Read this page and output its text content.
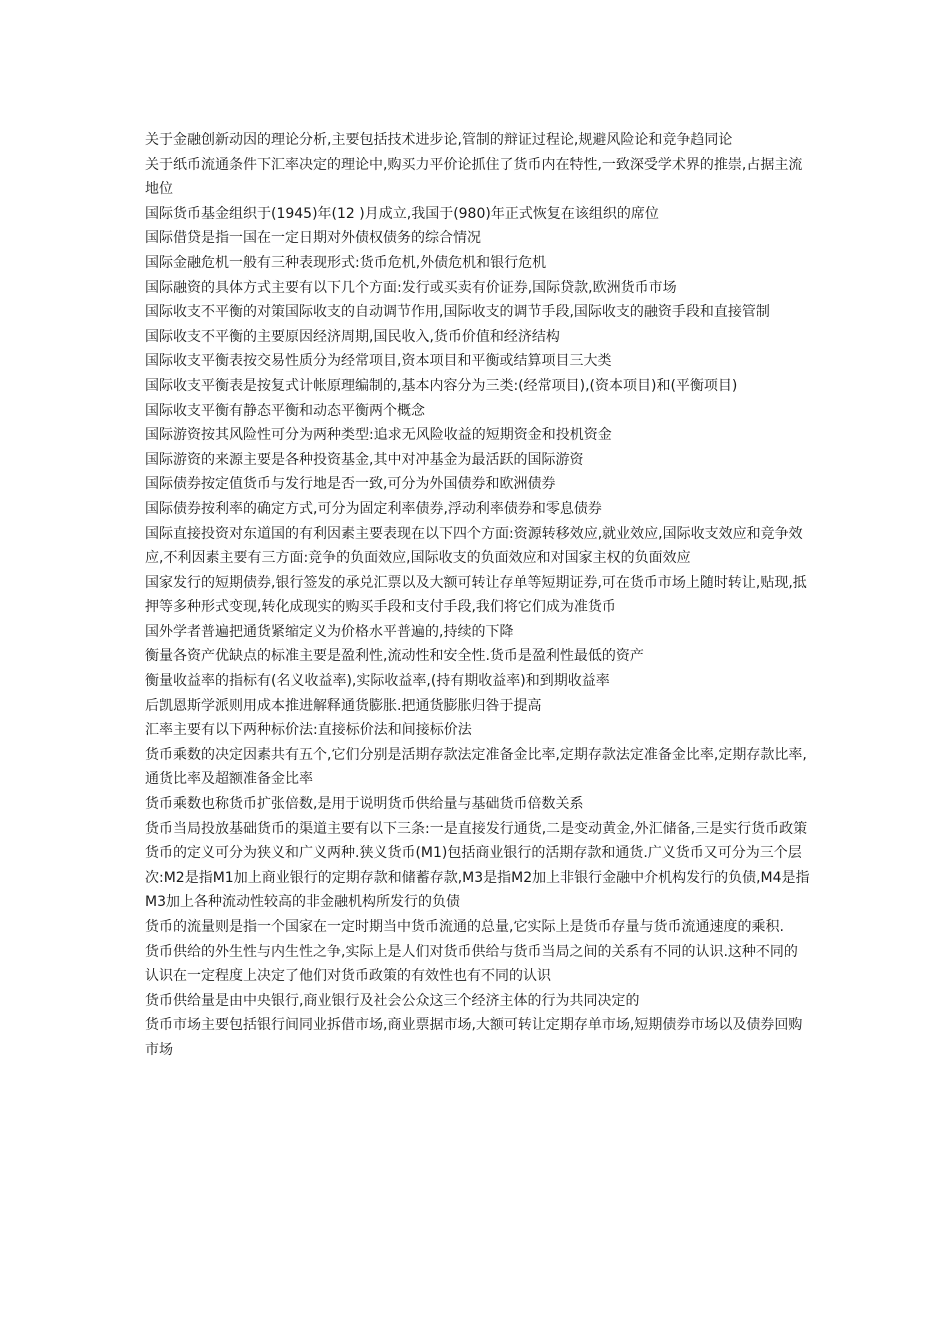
关于金融创新动因的理论分析,主要包括技术进步论,管制的辩证过程论,规避风险论和竞争趋同论

关于纸币流通条件下汇率决定的理论中,购买力平价论抓住了货币内在特性,一致深受学术界的推崇,占据主流地位

国际货币基金组织于(1945)年(12 )月成立,我国于(980)年正式恢复在该组织的席位

国际借贷是指一国在一定日期对外债权债务的综合情况

国际金融危机一般有三种表现形式:货币危机,外债危机和银行危机

国际融资的具体方式主要有以下几个方面:发行或买卖有价证券,国际贷款,欧洲货币市场

国际收支不平衡的对策国际收支的自动调节作用,国际收支的调节手段,国际收支的融资手段和直接管制

国际收支不平衡的主要原因经济周期,国民收入,货币价值和经济结构

国际收支平衡表按交易性质分为经常项目,资本项目和平衡或结算项目三大类

国际收支平衡表是按复式计帐原理编制的,基本内容分为三类:(经常项目),(资本项目)和(平衡项目)

国际收支平衡有静态平衡和动态平衡两个概念

国际游资按其风险性可分为两种类型:追求无风险收益的短期资金和投机资金

国际游资的来源主要是各种投资基金,其中对冲基金为最活跃的国际游资

国际债券按定值货币与发行地是否一致,可分为外国债券和欧洲债券

国际债券按利率的确定方式,可分为固定利率债券,浮动利率债券和零息债券

国际直接投资对东道国的有利因素主要表现在以下四个方面:资源转移效应,就业效应,国际收支效应和竞争效应,不利因素主要有三方面:竞争的负面效应,国际收支的负面效应和对国家主权的负面效应

国家发行的短期债券,银行签发的承兑汇票以及大额可转让存单等短期证券,可在货币市场上随时转让,贴现,抵押等多种形式变现,转化成现实的购买手段和支付手段,我们将它们成为准货币

国外学者普遍把通货紧缩定义为价格水平普遍的,持续的下降

衡量各资产优缺点的标准主要是盈利性,流动性和安全性.货币是盈利性最低的资产

衡量收益率的指标有(名义收益率),实际收益率,(持有期收益率)和到期收益率

后凯恩斯学派则用成本推进解释通货膨胀.把通货膨胀归咎于提高

汇率主要有以下两种标价法:直接标价法和间接标价法

货币乘数的决定因素共有五个,它们分别是活期存款法定准备金比率,定期存款法定准备金比率,定期存款比率,通货比率及超额准备金比率

货币乘数也称货币扩张倍数,是用于说明货币供给量与基础货币倍数关系

货币当局投放基础货币的渠道主要有以下三条:一是直接发行通货,二是变动黄金,外汇储备,三是实行货币政策

货币的定义可分为狭义和广义两种.狭义货币(M1)包括商业银行的活期存款和通货.广义货币又可分为三个层次:M2是指M1加上商业银行的定期存款和储蓄存款,M3是指M2加上非银行金融中介机构发行的负债,M4是指M3加上各种流动性较高的非金融机构所发行的负债

货币的流量则是指一个国家在一定时期当中货币流通的总量,它实际上是货币存量与货币流通速度的乘积.

货币供给的外生性与内生性之争,实际上是人们对货币供给与货币当局之间的关系有不同的认识.这种不同的认识在一定程度上决定了他们对货币政策的有效性也有不同的认识

货币供给量是由中央银行,商业银行及社会公众这三个经济主体的行为共同决定的

货币市场主要包括银行间同业拆借市场,商业票据市场,大额可转让定期存单市场,短期债券市场以及债券回购市场
